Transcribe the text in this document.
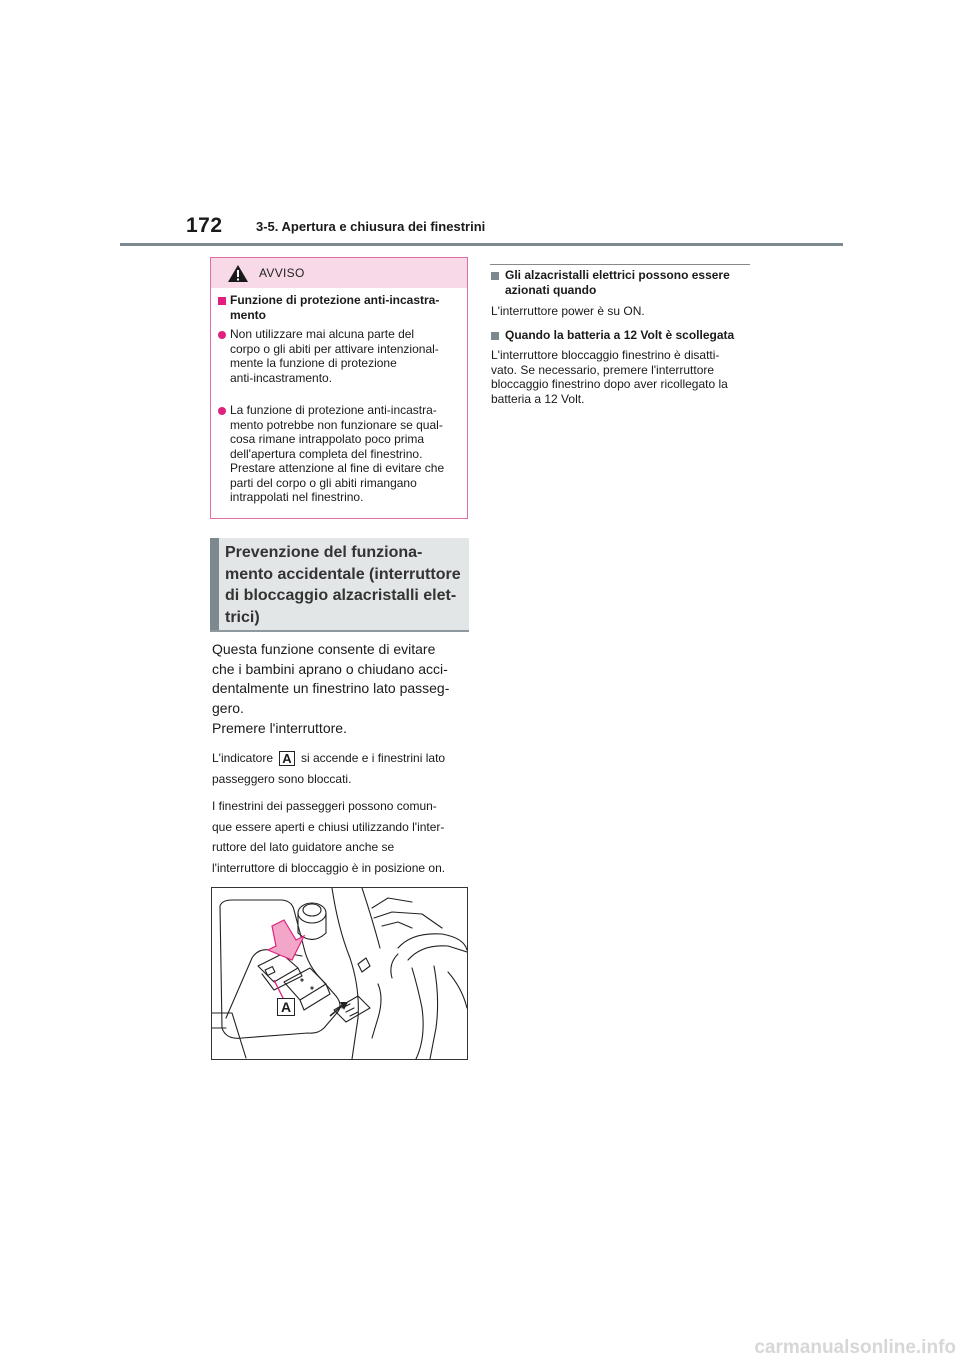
172	3-5. Apertura e chiusura dei finestrini
AVVISO
Funzione di protezione anti-incastra-
mento
Non utilizzare mai alcuna parte del
corpo o gli abiti per attivare intenzional-
mente la funzione di protezione
anti-incastramento.
La funzione di protezione anti-incastra-
mento potrebbe non funzionare se qual-
cosa rimane intrappolato poco prima
dell'apertura completa del finestrino.
Prestare attenzione al fine di evitare che
parti del corpo o gli abiti rimangano
intrappolati nel finestrino.
Prevenzione del funziona-
mento accidentale (interruttore
di bloccaggio alzacristalli elet-
trici)
Questa funzione consente di evitare
che i bambini aprano o chiudano acci-
dentalmente un finestrino lato passeg-
gero.
Premere l'interruttore.
L'indicatore A si accende e i finestrini lato
passeggero sono bloccati.
I finestrini dei passeggeri possono comun-
que essere aperti e chiusi utilizzando l'inter-
ruttore del lato guidatore anche se
l'interruttore di bloccaggio è in posizione on.
A
Gli alzacristalli elettrici possono essere
azionati quando
L'interruttore power è su ON.
Quando la batteria a 12 Volt è scollegata
L'interruttore bloccaggio finestrino è disatti-
vato. Se necessario, premere l'interruttore
bloccaggio finestrino dopo aver ricollegato la
batteria a 12 Volt.
carmanualsonline.info
